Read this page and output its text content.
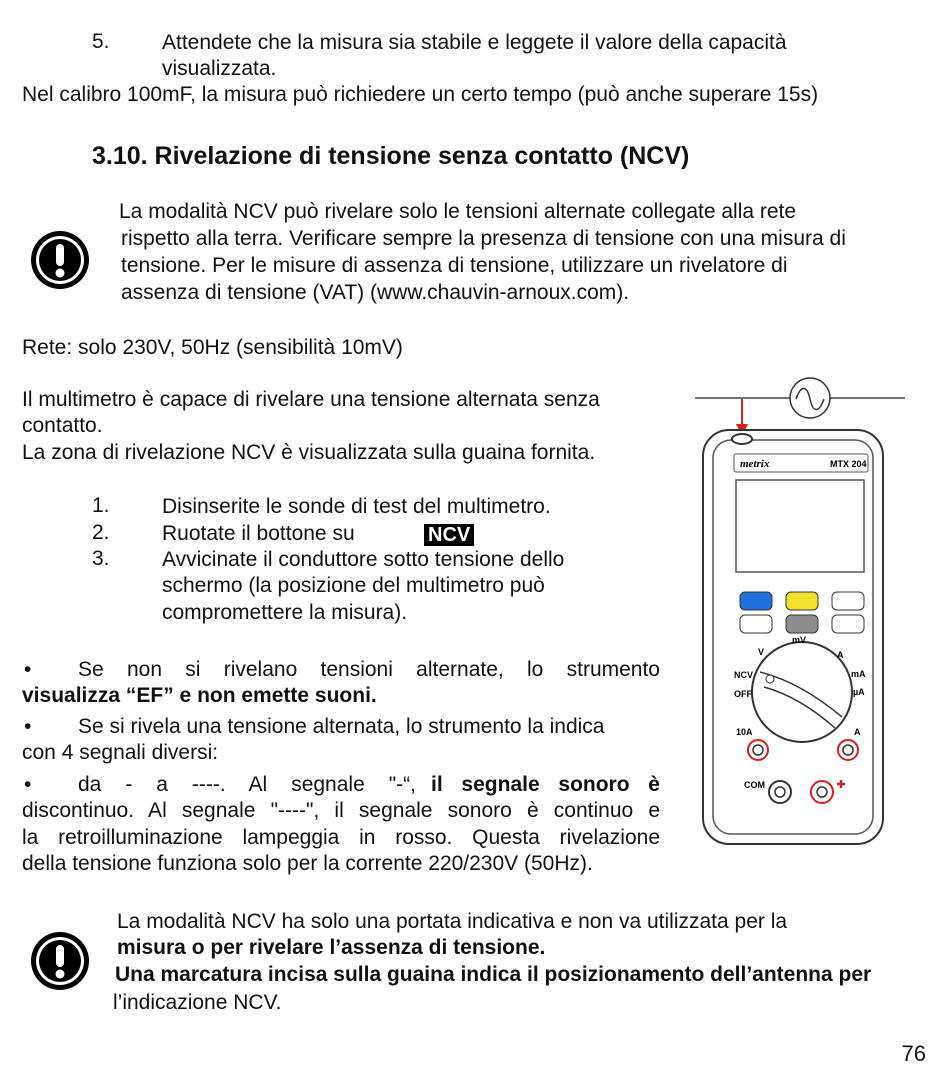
5.	Attendete che la misura sia stabile e leggete il valore della capacità
visualizzata.
Nel calibro 100mF, la misura può richiedere un certo tempo (può anche superare 15s)
3.10. Rivelazione di tensione senza contatto (NCV)
La modalità NCV può rivelare solo le tensioni alternate collegate alla rete
rispetto alla terra. Verificare sempre la presenza di tensione con una misura di
tensione. Per le misure di assenza di tensione, utilizzare un rivelatore di
assenza di tensione (VAT) (www.chauvin-arnoux.com).
Rete: solo 230V, 50Hz (sensibilità 10mV)
Il multimetro è capace di rivelare una tensione alternata senza
contatto.
La zona di rivelazione NCV è visualizzata sulla guaina fornita.
1.	Disinserite le sonde di test del multimetro.
2.	Ruotate il bottone su	NCV
3.	Avvicinate il conduttore sotto tensione dello
schermo (la posizione del multimetro può
compromettere la misura).
• Se non si rivelano tensioni alternate, lo strumento
visualizza “EF” e non emette suoni.
• Se si rivela una tensione alternata, lo strumento la indica
con 4 segnali diversi:
• da - a ----. Al segnale "-“, il segnale sonoro è
discontinuo. Al segnale "----", il segnale sonoro è continuo e
la retroilluminazione lampeggia in rosso. Questa rivelazione
della tensione funziona solo per la corrente 220/230V (50Hz).
metrix	MTX 204
V
mV
A
mA
µA
NCV
OFF
10A	A
COM
La modalità NCV ha solo una portata indicativa e non va utilizzata per la
misura o per rivelare l’assenza di tensione.
Una marcatura incisa sulla guaina indica il posizionamento dell’antenna per
l’indicazione NCV.
76
